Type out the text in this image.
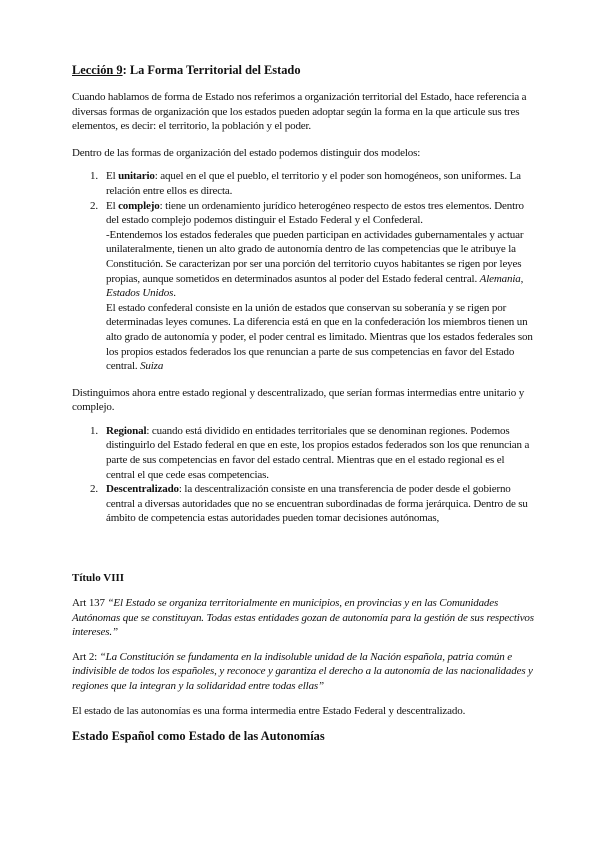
Lección 9: La Forma Territorial del Estado

Cuando hablamos de forma de Estado nos referimos a organización territorial del Estado, hace referencia a diversas formas de organización que los estados pueden adoptar según la forma en la que articule sus tres elementos, es decir: el territorio, la población y el poder.

Dentro de las formas de organización del estado podemos distinguir dos modelos:

1. El unitario: aquel en el que el pueblo, el territorio y el poder son homogéneos, son uniformes. La relación entre ellos es directa.
2. El complejo: tiene un ordenamiento jurídico heterogéneo respecto de estos tres elementos. Dentro del estado complejo podemos distinguir el Estado Federal y el Confederal.
-Entendemos los estados federales que pueden participan en actividades gubernamentales y actuar unilateralmente, tienen un alto grado de autonomía dentro de las competencias que le atribuye la Constitución. Se caracterizan por ser una porción del territorio cuyos habitantes se rigen por leyes propias, aunque sometidos en determinados asuntos al poder del Estado federal central. Alemania, Estados Unidos.
El estado confederal consiste en la unión de estados que conservan su soberanía y se rigen por determinadas leyes comunes. La diferencia está en que en la confederación los miembros tienen un alto grado de autonomía y poder, el poder central es limitado. Mientras que los estados federales son los propios estados federados los que renuncian a parte de sus competencias en favor del Estado central. Suiza

Distinguimos ahora entre estado regional y descentralizado, que serían formas intermedias entre unitario y complejo.

1. Regional: cuando está dividido en entidades territoriales que se denominan regiones. Podemos distinguirlo del Estado federal en que en este, los propios estados federados son los que renuncian a parte de sus competencias en favor del estado central. Mientras que en el estado regional es el central el que cede esas competencias.
2. Descentralizado: la descentralización consiste en una transferencia de poder desde el gobierno central a diversas autoridades que no se encuentran subordinadas de forma jerárquica. Dentro de su ámbito de competencia estas autoridades pueden tomar decisiones autónomas,

Título VIII

Art 137 “El Estado se organiza territorialmente en municipios, en provincias y en las Comunidades Autónomas que se constituyan. Todas estas entidades gozan de autonomía para la gestión de sus respectivos intereses.”

Art 2: “La Constitución se fundamenta en la indisoluble unidad de la Nación española, patria común e indivisible de todos los españoles, y reconoce y garantiza el derecho a la autonomía de las nacionalidades y regiones que la integran y la solidaridad entre todas ellas”

El estado de las autonomías es una forma intermedia entre Estado Federal y descentralizado.

Estado Español como Estado de las Autonomías
